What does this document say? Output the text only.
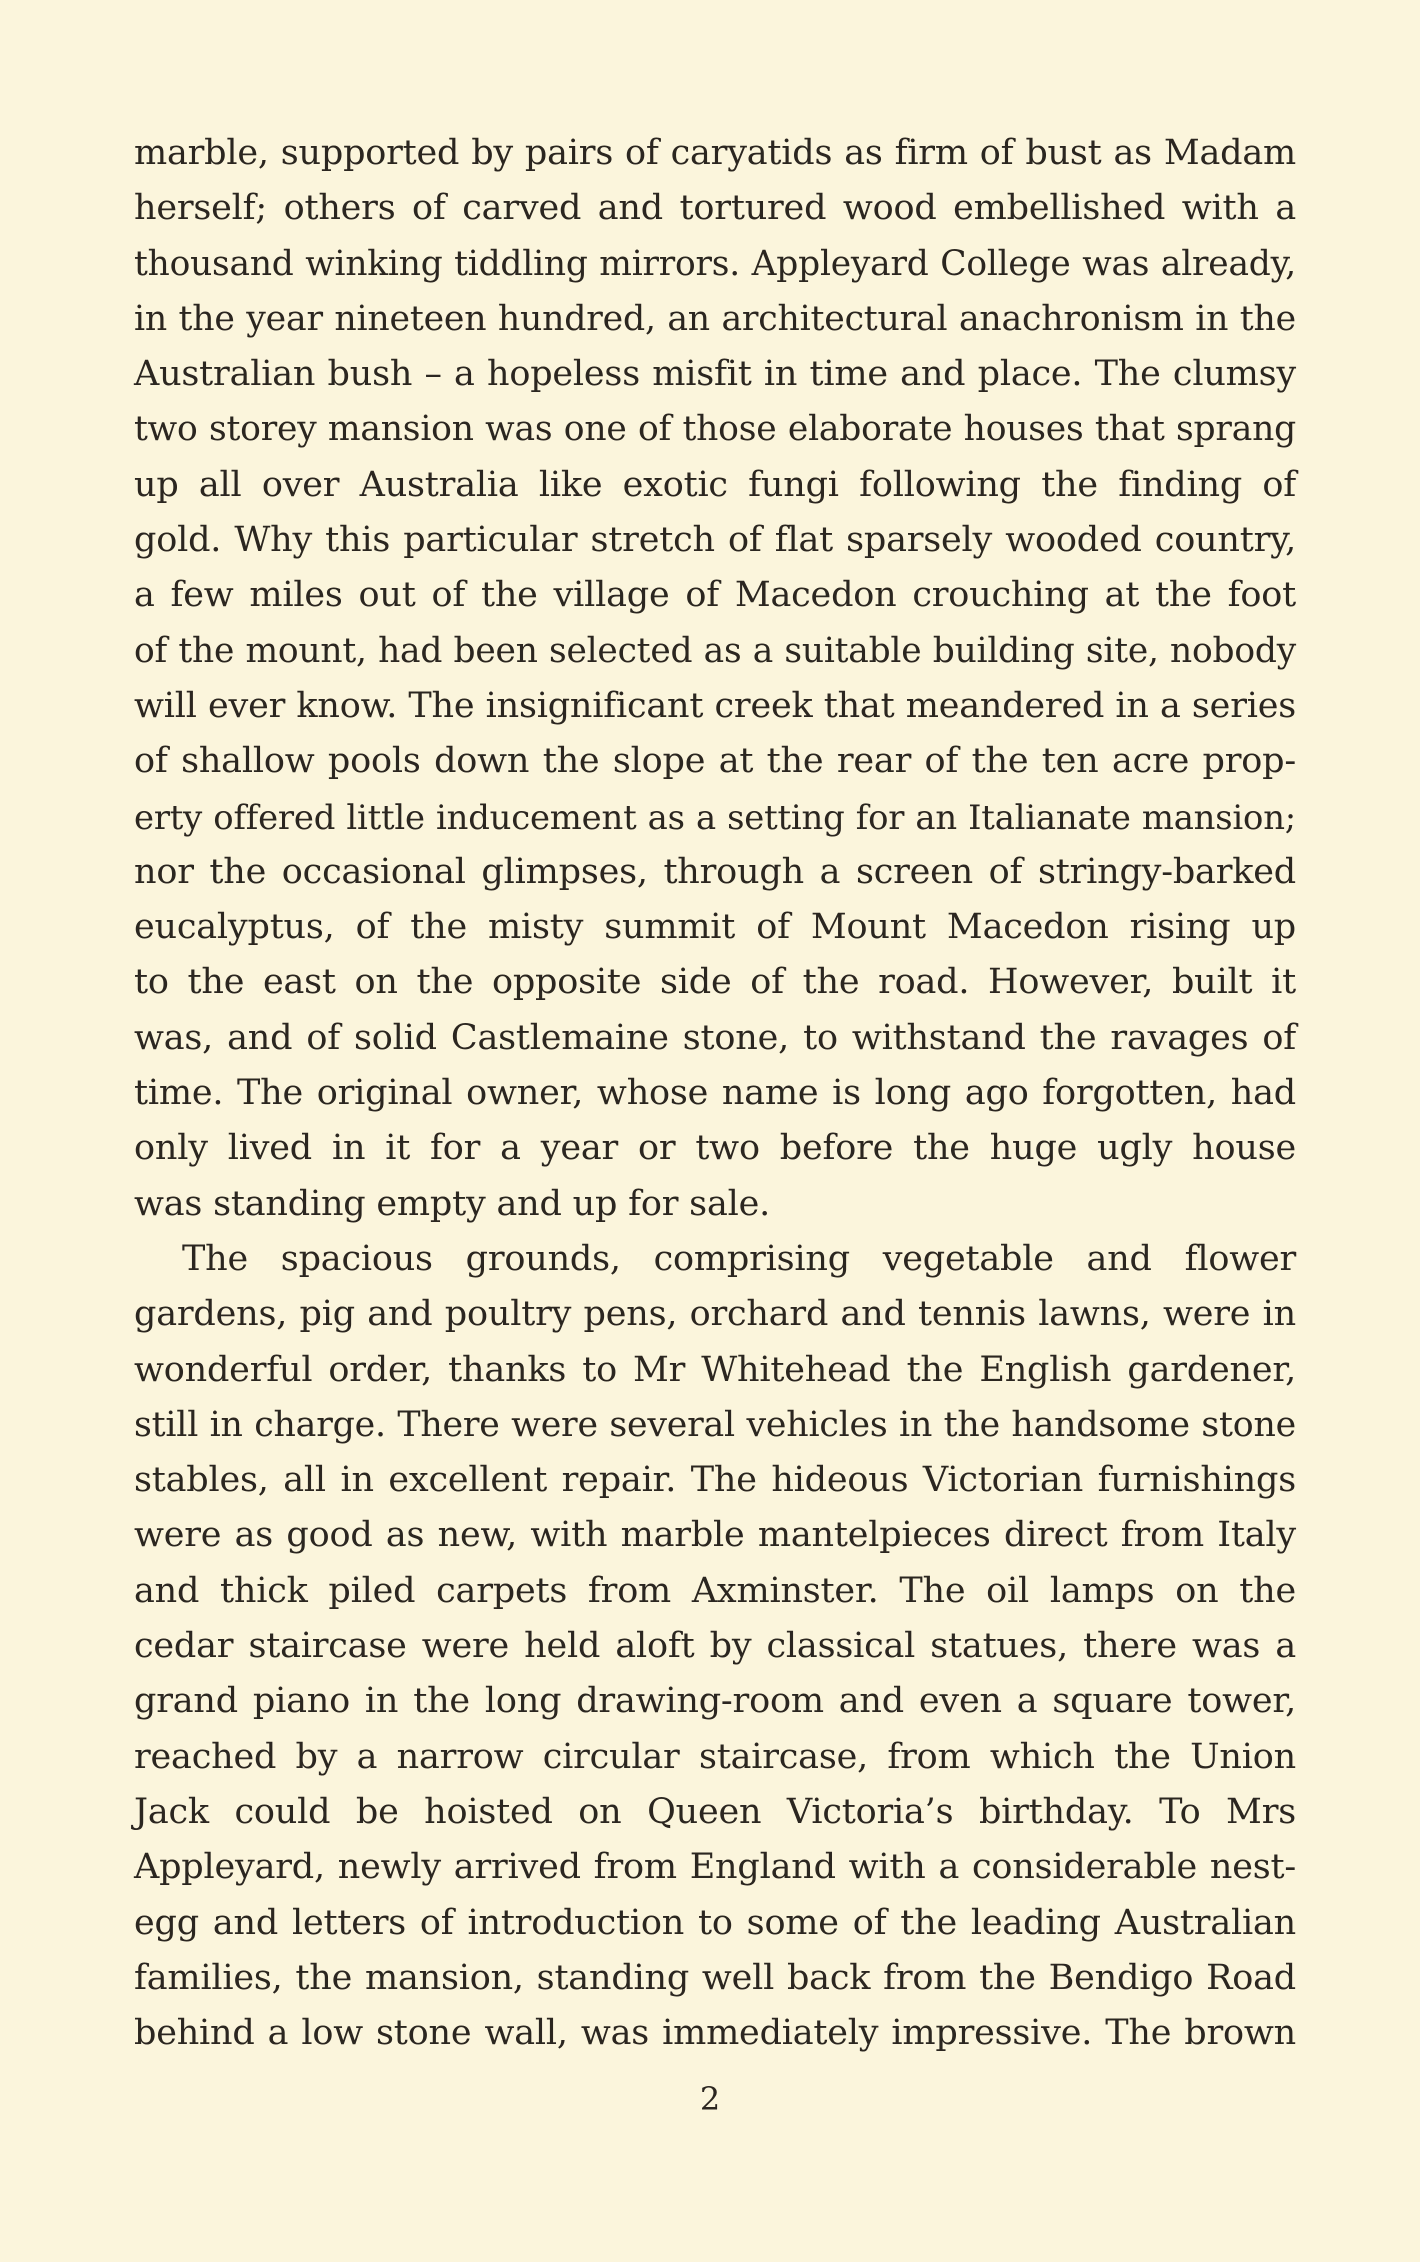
marble, supported by pairs of caryatids as firm of bust as Madam
herself; others of carved and tortured wood embellished with a
thousand winking tiddling mirrors. Appleyard College was already,
in the year nineteen hundred, an architectural anachronism in the
Australian bush – a hopeless misfit in time and place. The clumsy
two storey mansion was one of those elaborate houses that sprang
up all over Australia like exotic fungi following the finding of
gold. Why this particular stretch of flat sparsely wooded country,
a few miles out of the village of Macedon crouching at the foot
of the mount, had been selected as a suitable building site, nobody
will ever know. The insignificant creek that meandered in a series
of shallow pools down the slope at the rear of the ten acre prop-
erty offered little inducement as a setting for an Italianate mansion;
nor the occasional glimpses, through a screen of stringy-barked
eucalyptus, of the misty summit of Mount Macedon rising up
to the east on the opposite side of the road. However, built it
was, and of solid Castlemaine stone, to withstand the ravages of
time. The original owner, whose name is long ago forgotten, had
only lived in it for a year or two before the huge ugly house
was standing empty and up for sale.
The spacious grounds, comprising vegetable and flower
gardens, pig and poultry pens, orchard and tennis lawns, were in
wonderful order, thanks to Mr Whitehead the English gardener,
still in charge. There were several vehicles in the handsome stone
stables, all in excellent repair. The hideous Victorian furnishings
were as good as new, with marble mantelpieces direct from Italy
and thick piled carpets from Axminster. The oil lamps on the
cedar staircase were held aloft by classical statues, there was a
grand piano in the long drawing-room and even a square tower,
reached by a narrow circular staircase, from which the Union
Jack could be hoisted on Queen Victoria’s birthday. To Mrs
Appleyard, newly arrived from England with a considerable nest-
egg and letters of introduction to some of the leading Australian
families, the mansion, standing well back from the Bendigo Road
behind a low stone wall, was immediately impressive. The brown
2
